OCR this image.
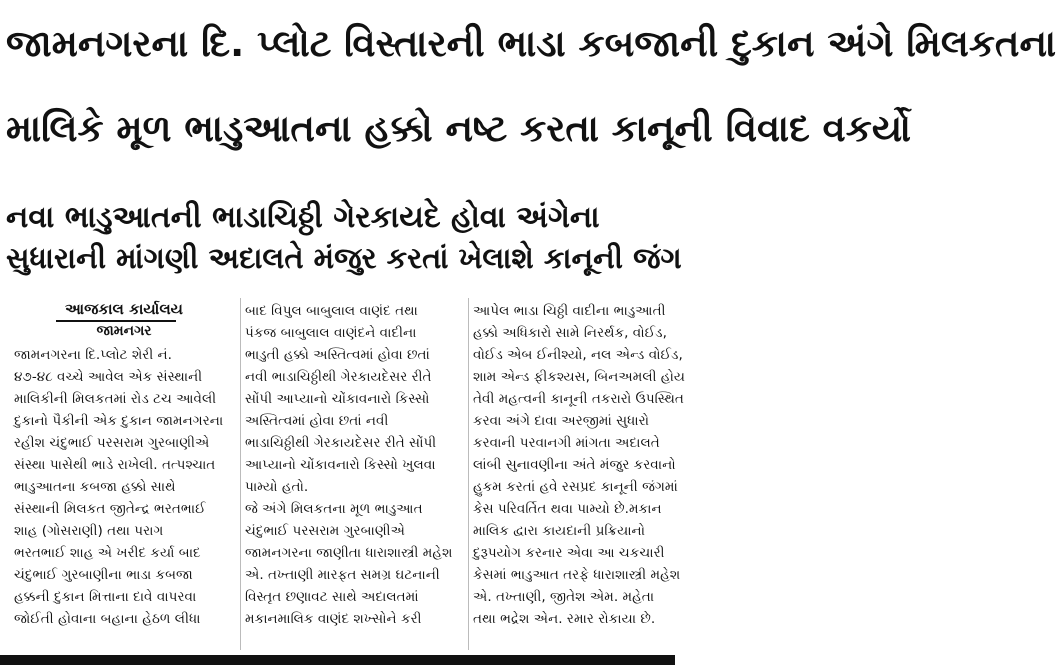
જામનગરના દિ. પ્લોટ વિસ્તારની ભાડા કબજાની દુકાન અંગે મિલકતના
માલિકે મૂળ ભાડુઆતના હક્કો નષ્ટ કરતા કાનૂની વિવાદ વકર્યો
નવા ભાડુઆતની ભાડાચિઠ્ઠી ગેરકાયદે હોવા અંગેના
સુધારાની માંગણી અદાલતે મંજુર કરતાં ખેલાશે કાનૂની જંગ
આજકાલ કાર્યાલય
જામનગર
જામનગરના દિ.પ્લોટ શેરી નં.
૪૭-૪૮ વચ્ચે આવેલ એક સંસ્થાની
માલિકીની મિલકતમાં રોડ ટચ આવેલી
દુકાનો પૈકીની એક દુકાન જામનગરના
રહીશ ચંદુભાઈ પરસરામ ગુરબાણીએ
સંસ્થા પાસેથી ભાડે રાખેલી. તત્પશ્ચાત
ભાડુઆતના કબજા હક્કો સાથે
સંસ્થાની મિલકત જીતેન્દ્ર ભરતભાઈ
શાહ (ગોસરાણી) તથા પરાગ
ભરતભાઈ શાહ એ ખરીદ કર્યા બાદ
ચંદુભાઈ ગુરબાણીના ભાડા કબજા
હક્કની દુકાન મિત્તાના દાવે વાપરવા
જોઈતી હોવાના બહાના હેઠળ લીધા
બાદ વિપુલ બાબુલાલ વાણંદ તથા
પંકજ બાબુલાલ વાણંદને વાદીના
ભાડુતી હક્કો અસ્તિત્વમાં હોવા છતાં
નવી ભાડાચિઠ્ઠીથી ગેરકાયદેસર રીતે
સોંપી આપ્યાનો ચોંકાવનારો કિસ્સો
અસ્તિત્વમાં હોવા છતાં નવી
ભાડાચિઠ્ઠીથી ગેરકાયદેસર રીતે સોંપી
આપ્યાનો ચોંકાવનારો કિસ્સો ખુલવા
પામ્યો હતો.
જે અંગે મિલકતના મૂળ ભાડુઆત
ચંદુભાઈ પરસરામ ગુરબાણીએ
જામનગરના જાણીતા ધારાશાસ્ત્રી મહેશ
એ. તખ્તાણી મારફત સમગ્ર ઘટનાની
વિસ્તૃત છણાવટ સાથે અદાલતમાં
મકાનમાલિક વાણંદ શખ્સોને કરી
આપેલ ભાડા ચિઠ્ઠી વાદીના ભાડુઆતી
હક્કો અધિકારો સામે નિરર્થક, વોઈડ,
વોઈડ એબ ઈનીશ્યો, નલ એન્ડ વોઈડ,
શામ એન્ડ ફીકશ્યસ, બિનઅમલી હોય
તેવી મહત્વની કાનૂની તકરારો ઉપસ્થિત
કરવા અંગે દાવા અરજીમાં સુધારો
કરવાની પરવાનગી માંગતા અદાલતે
લાંબી સુનાવણીના અંતે મંજુર કરવાનો
હુકમ કરતાં હવે રસપ્રદ કાનૂની જંગમાં
કેસ પરિવર્તિત થવા પામ્યો છે.મકાન
માલિક દ્વારા કાયદાની પ્રક્રિયાનો
દુરૂપયોગ કરનાર એવા આ ચકચારી
કેસમાં ભાડુઆત તરફે ધારાશાસ્ત્રી મહેશ
એ. તખ્તાણી, જીતેશ એમ. મહેતા
તથા ભદ્રેશ એન. રમાર રોકાયા છે.
